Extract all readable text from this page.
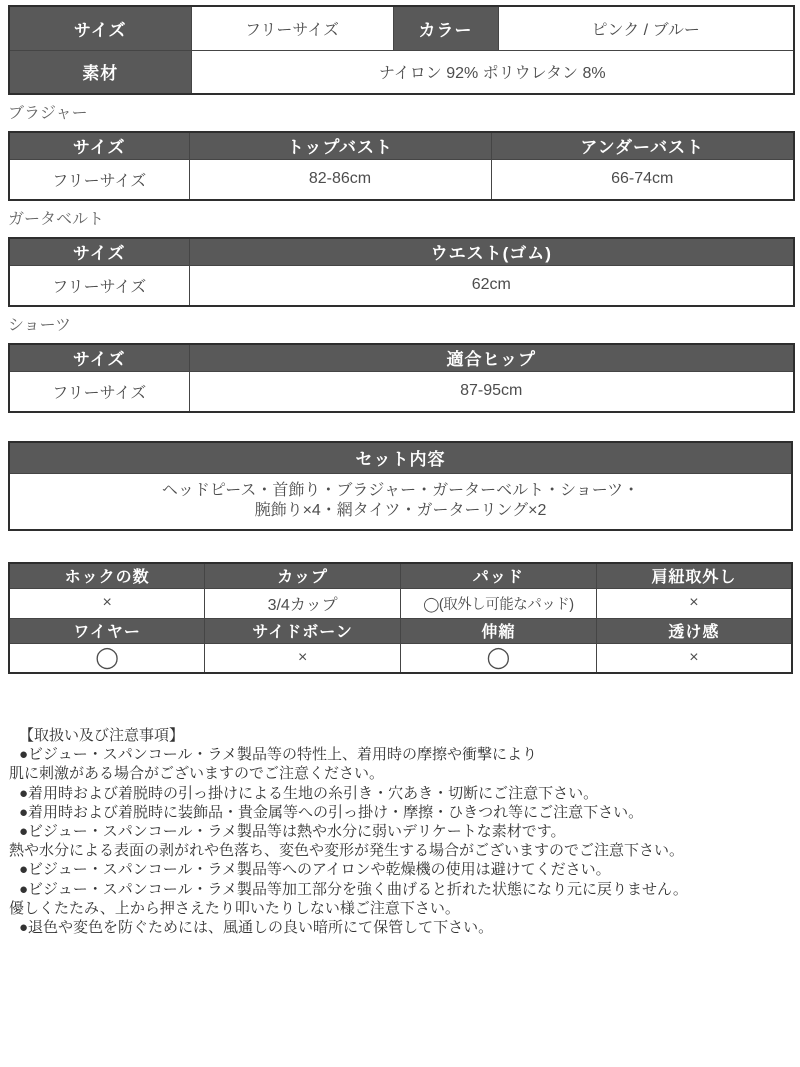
サイズ	フリーサイズ	カラー	ピンク / ブルー
素材	ナイロン 92% ポリウレタン 8%		
ブラジャー
サイズ	トップバスト	アンダーバスト
フリーサイズ	82-86cm	66-74cm
ガータベルト
サイズ	ウエスト(ゴム)
フリーサイズ	62cm
ショーツ
サイズ	適合ヒップ
フリーサイズ	87-95cm
セット内容

ヘッドピース・首飾り・ブラジャー・ガーターベルト・ショーツ・
腕飾り×4・網タイツ・ガーターリング×2
ホックの数	カップ	パッド	肩紐取外し
×	3/4カップ	◯(取外し可能なパッド)	×
ワイヤー	サイドボーン	伸縮	透け感
◯	×	◯	×
【取扱い及び注意事項】
●ビジュー・スパンコール・ラメ製品等の特性上、着用時の摩擦や衝撃により
肌に刺激がある場合がございますのでご注意ください。
●着用時および着脱時の引っ掛けによる生地の糸引き・穴あき・切断にご注意下さい。
●着用時および着脱時に装飾品・貴金属等への引っ掛け・摩擦・ひきつれ等にご注意下さい。
●ビジュー・スパンコール・ラメ製品等は熱や水分に弱いデリケートな素材です。
熱や水分による表面の剥がれや色落ち、変色や変形が発生する場合がございますのでご注意下さい。
●ビジュー・スパンコール・ラメ製品等へのアイロンや乾燥機の使用は避けてください。
●ビジュー・スパンコール・ラメ製品等加工部分を強く曲げると折れた状態になり元に戻りません。
優しくたたみ、上から押さえたり叩いたりしない様ご注意下さい。
●退色や変色を防ぐためには、風通しの良い暗所にて保管して下さい。
